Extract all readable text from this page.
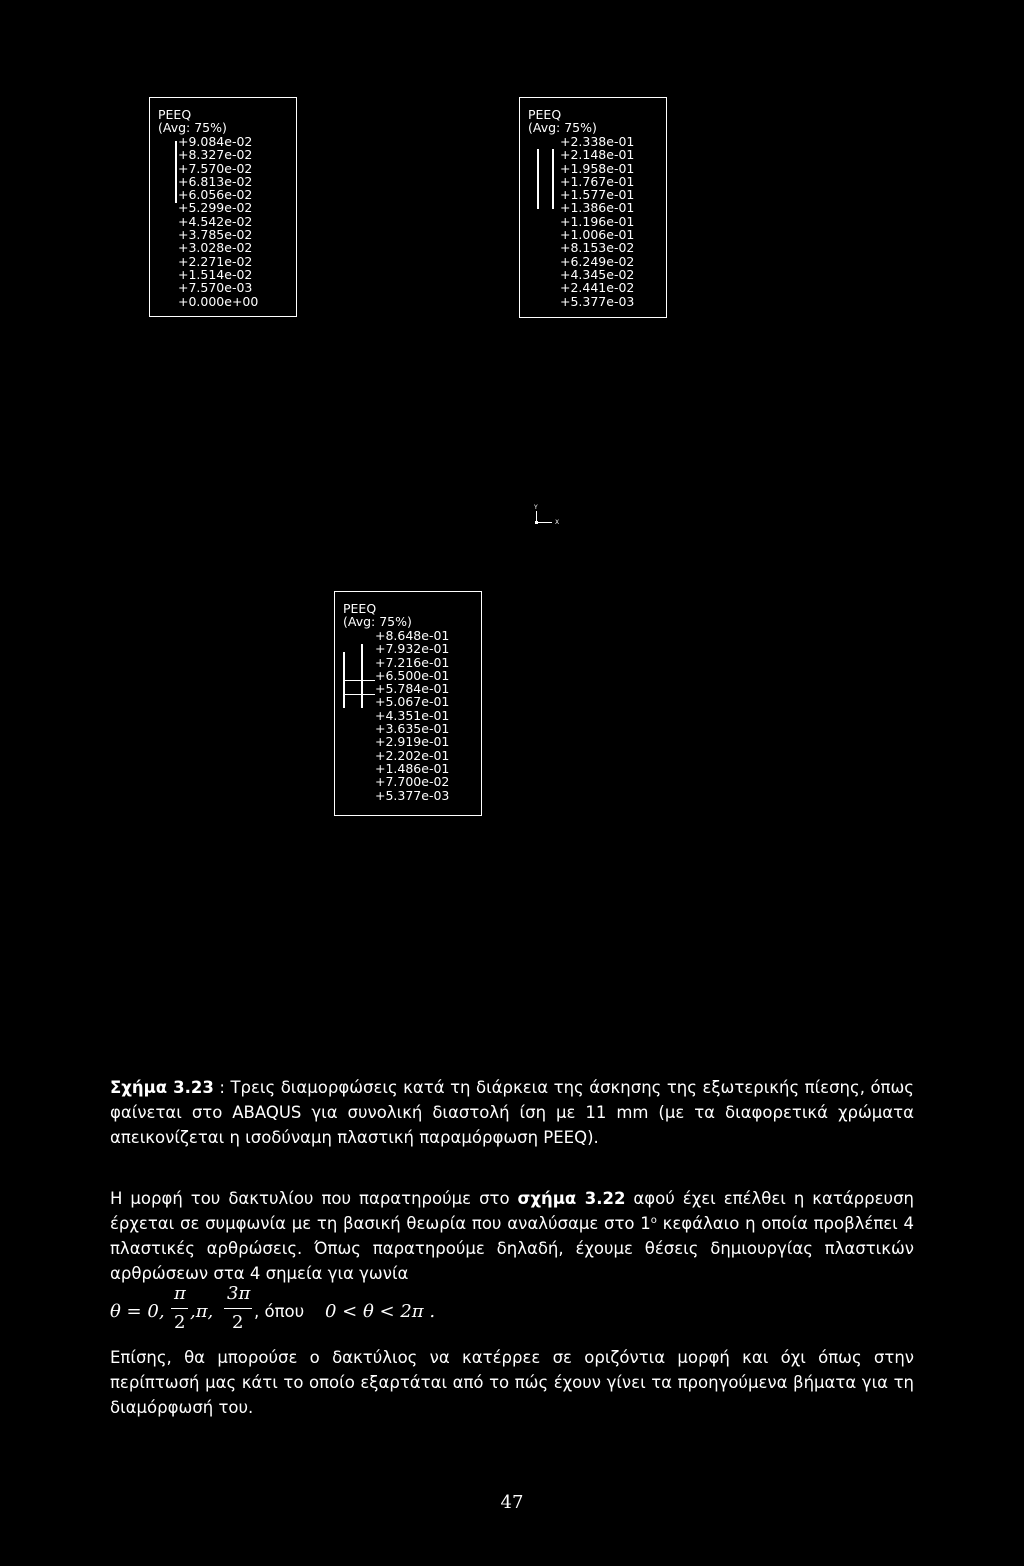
PEEQ
(Avg: 75%)
+9.084e-02
+8.327e-02
+7.570e-02
+6.813e-02
+6.056e-02
+5.299e-02
+4.542e-02
+3.785e-02
+3.028e-02
+2.271e-02
+1.514e-02
+7.570e-03
+0.000e+00
PEEQ
(Avg: 75%)
+2.338e-01
+2.148e-01
+1.958e-01
+1.767e-01
+1.577e-01
+1.386e-01
+1.196e-01
+1.006e-01
+8.153e-02
+6.249e-02
+4.345e-02
+2.441e-02
+5.377e-03
Y
X
PEEQ
(Avg: 75%)
+8.648e-01
+7.932e-01
+7.216e-01
+6.500e-01
+5.784e-01
+5.067e-01
+4.351e-01
+3.635e-01
+2.919e-01
+2.202e-01
+1.486e-01
+7.700e-02
+5.377e-03
Σχήμα 3.23 : Τρεις διαμορφώσεις κατά τη διάρκεια της άσκησης της εξωτερικής πίεσης, όπως φαίνεται στο ABAQUS για συνολική διαστολή ίση με 11 mm (με τα διαφορετικά χρώματα απεικονίζεται η ισοδύναμη πλαστική παραμόρφωση PEEQ).
Η μορφή του δακτυλίου που παρατηρούμε στο σχήμα 3.22 αφού έχει επέλθει η κατάρρευση έρχεται σε συμφωνία με τη βασική θεωρία που αναλύσαμε στο $1^o$ κεφάλαιο η οποία προβλέπει 4 πλαστικές αρθρώσεις. Όπως παρατηρούμε δηλαδή, έχουμε θέσεις δημιουργίας πλαστικών αρθρώσεων στα 4 σημεία για γωνία
θ = 0,
π
2
,π,
3π
2
, όπου 0 < θ < 2π .
Επίσης, θα μπορούσε ο δακτύλιος να κατέρρεε σε οριζόντια μορφή και όχι όπως στην περίπτωσή μας κάτι το οποίο εξαρτάται από το πώς έχουν γίνει τα προηγούμενα βήματα για τη διαμόρφωσή του.
47
